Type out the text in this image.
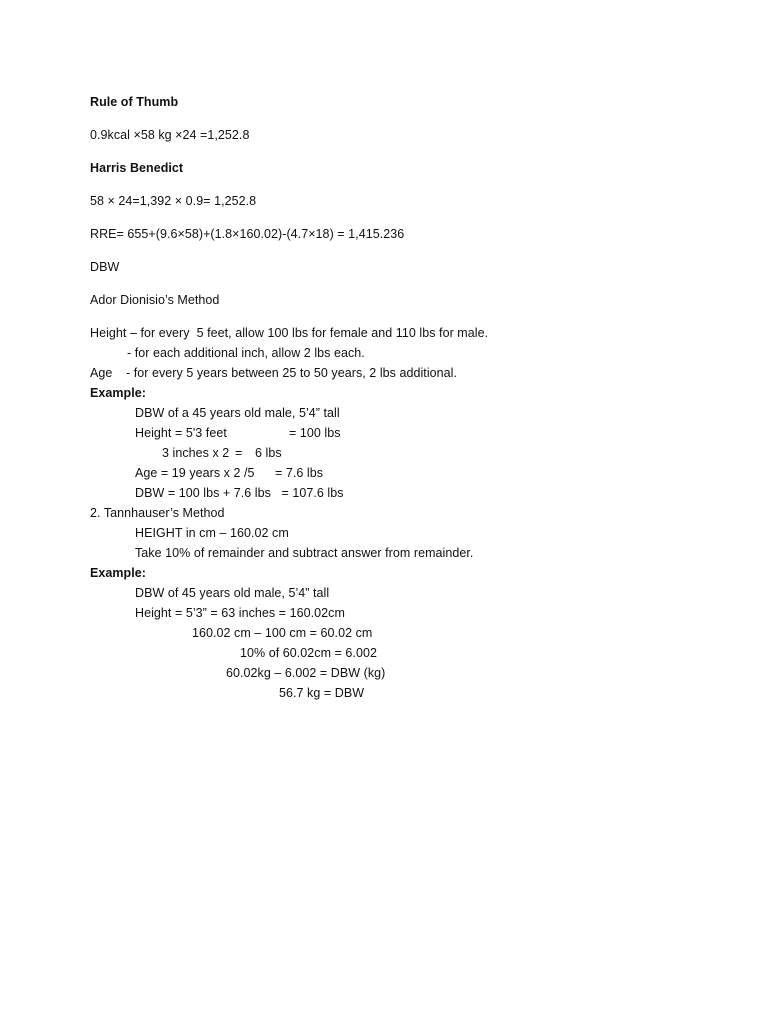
Rule of Thumb
0.9kcal ×58 kg ×24 =1,252.8
Harris Benedict
58 × 24=1,392 × 0.9= 1,252.8
RRE= 655+(9.6×58)+(1.8×160.02)-(4.7×18) = 1,415.236
DBW
Ador Dionisio’s Method
Height – for every  5 feet, allow 100 lbs for female and 110 lbs for male.
- for each additional inch, allow 2 lbs each.
Age - for every 5 years between 25 to 50 years, 2 lbs additional.
Example:
DBW of a 45 years old male, 5’4” tall
Height = 5'3 feet	= 100 lbs
3 inches x 2 = 6 lbs
Age = 19 years x 2 /5 = 7.6 lbs
DBW = 100 lbs + 7.6 lbs   = 107.6 lbs
2. Tannhauser’s Method
HEIGHT in cm – 160.02 cm
Take 10% of remainder and subtract answer from remainder.
Example:
DBW of 45 years old male, 5’4” tall
Height = 5’3” = 63 inches = 160.02cm
160.02 cm – 100 cm = 60.02 cm
10% of 60.02cm = 6.002
60.02kg – 6.002 = DBW (kg)
56.7 kg = DBW
